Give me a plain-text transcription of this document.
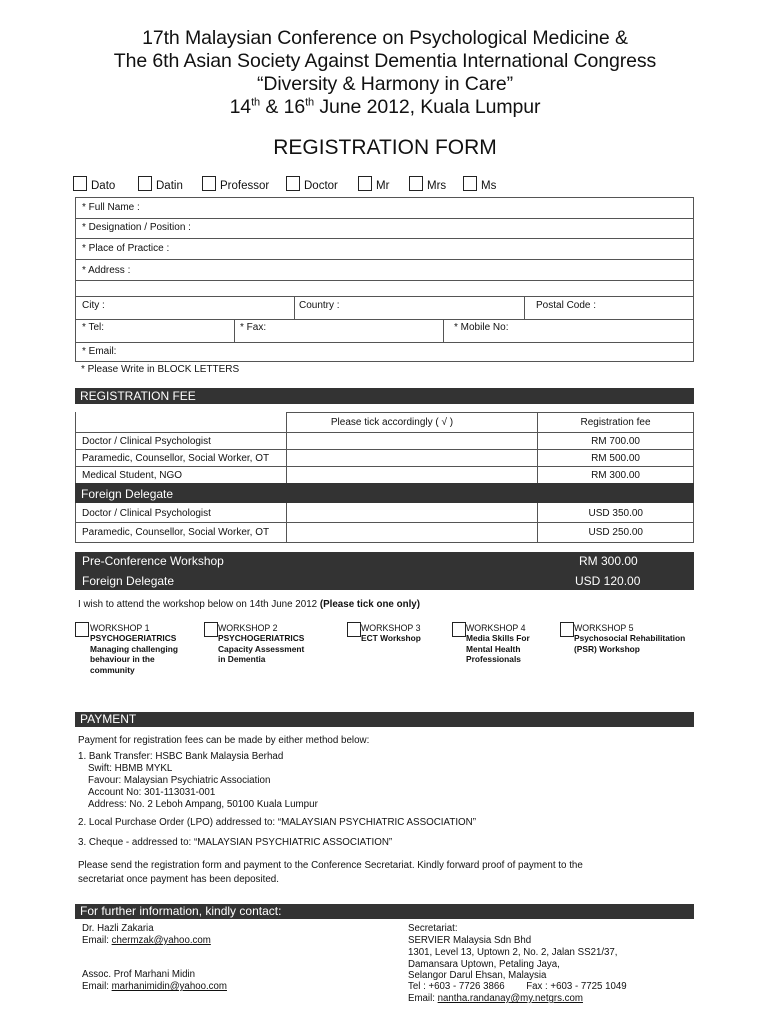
17th Malaysian Conference on Psychological Medicine &
The 6th Asian Society Against Dementia International Congress
“Diversity & Harmony in Care”
14th & 16th June 2012, Kuala Lumpur
REGISTRATION FORM
Dato	Datin	Professor	Doctor	Mr	Mrs	Ms
* Full Name :
* Designation / Position :
* Place of Practice :
* Address :
City :	Country :	Postal Code :
* Tel:	* Fax:	* Mobile No:
* Email:
* Please Write in BLOCK LETTERS
REGISTRATION FEE
Please tick accordingly ( √ )	Registration fee
Doctor / Clinical Psychologist	RM 700.00
Paramedic, Counsellor, Social Worker, OT	RM 500.00
Medical Student, NGO	RM 300.00
Foreign Delegate
Doctor / Clinical Psychologist	USD 350.00
Paramedic, Counsellor, Social Worker, OT	USD 250.00
Pre-Conference Workshop	RM 300.00
Foreign Delegate	USD 120.00
I wish to attend the workshop below on 14th June 2012 (Please tick one only)
WORKSHOP 1
PSYCHOGERIATRICS
Managing challenging
behaviour in the
community
WORKSHOP 2
PSYCHOGERIATRICS
Capacity Assessment
in Dementia
WORKSHOP 3
ECT Workshop
WORKSHOP 4
Media Skills For
Mental Health
Professionals
WORKSHOP 5
Psychosocial Rehabilitation
(PSR) Workshop
PAYMENT
Payment for registration fees can be made by either method below:
1. Bank Transfer: HSBC Bank Malaysia Berhad
Swift: HBMB MYKL
Favour: Malaysian Psychiatric Association
Account No: 301-113031-001
Address: No. 2 Leboh Ampang, 50100 Kuala Lumpur
2. Local Purchase Order (LPO) addressed to: “MALAYSIAN PSYCHIATRIC ASSOCIATION”
3. Cheque - addressed to: “MALAYSIAN PSYCHIATRIC ASSOCIATION”
Please send the registration form and payment to the Conference Secretariat. Kindly forward proof of payment to the
secretariat once payment has been deposited.
For further information, kindly contact:
Dr. Hazli Zakaria
Email: chermzak@yahoo.com
Assoc. Prof Marhani Midin
Email: marhanimidin@yahoo.com
Secretariat:
SERVIER Malaysia Sdn Bhd
1301, Level 13, Uptown 2, No. 2, Jalan SS21/37,
Damansara Uptown, Petaling Jaya,
Selangor Darul Ehsan, Malaysia
Tel : +603 - 7726 3866        Fax : +603 - 7725 1049
Email: nantha.randanay@my.netgrs.com
